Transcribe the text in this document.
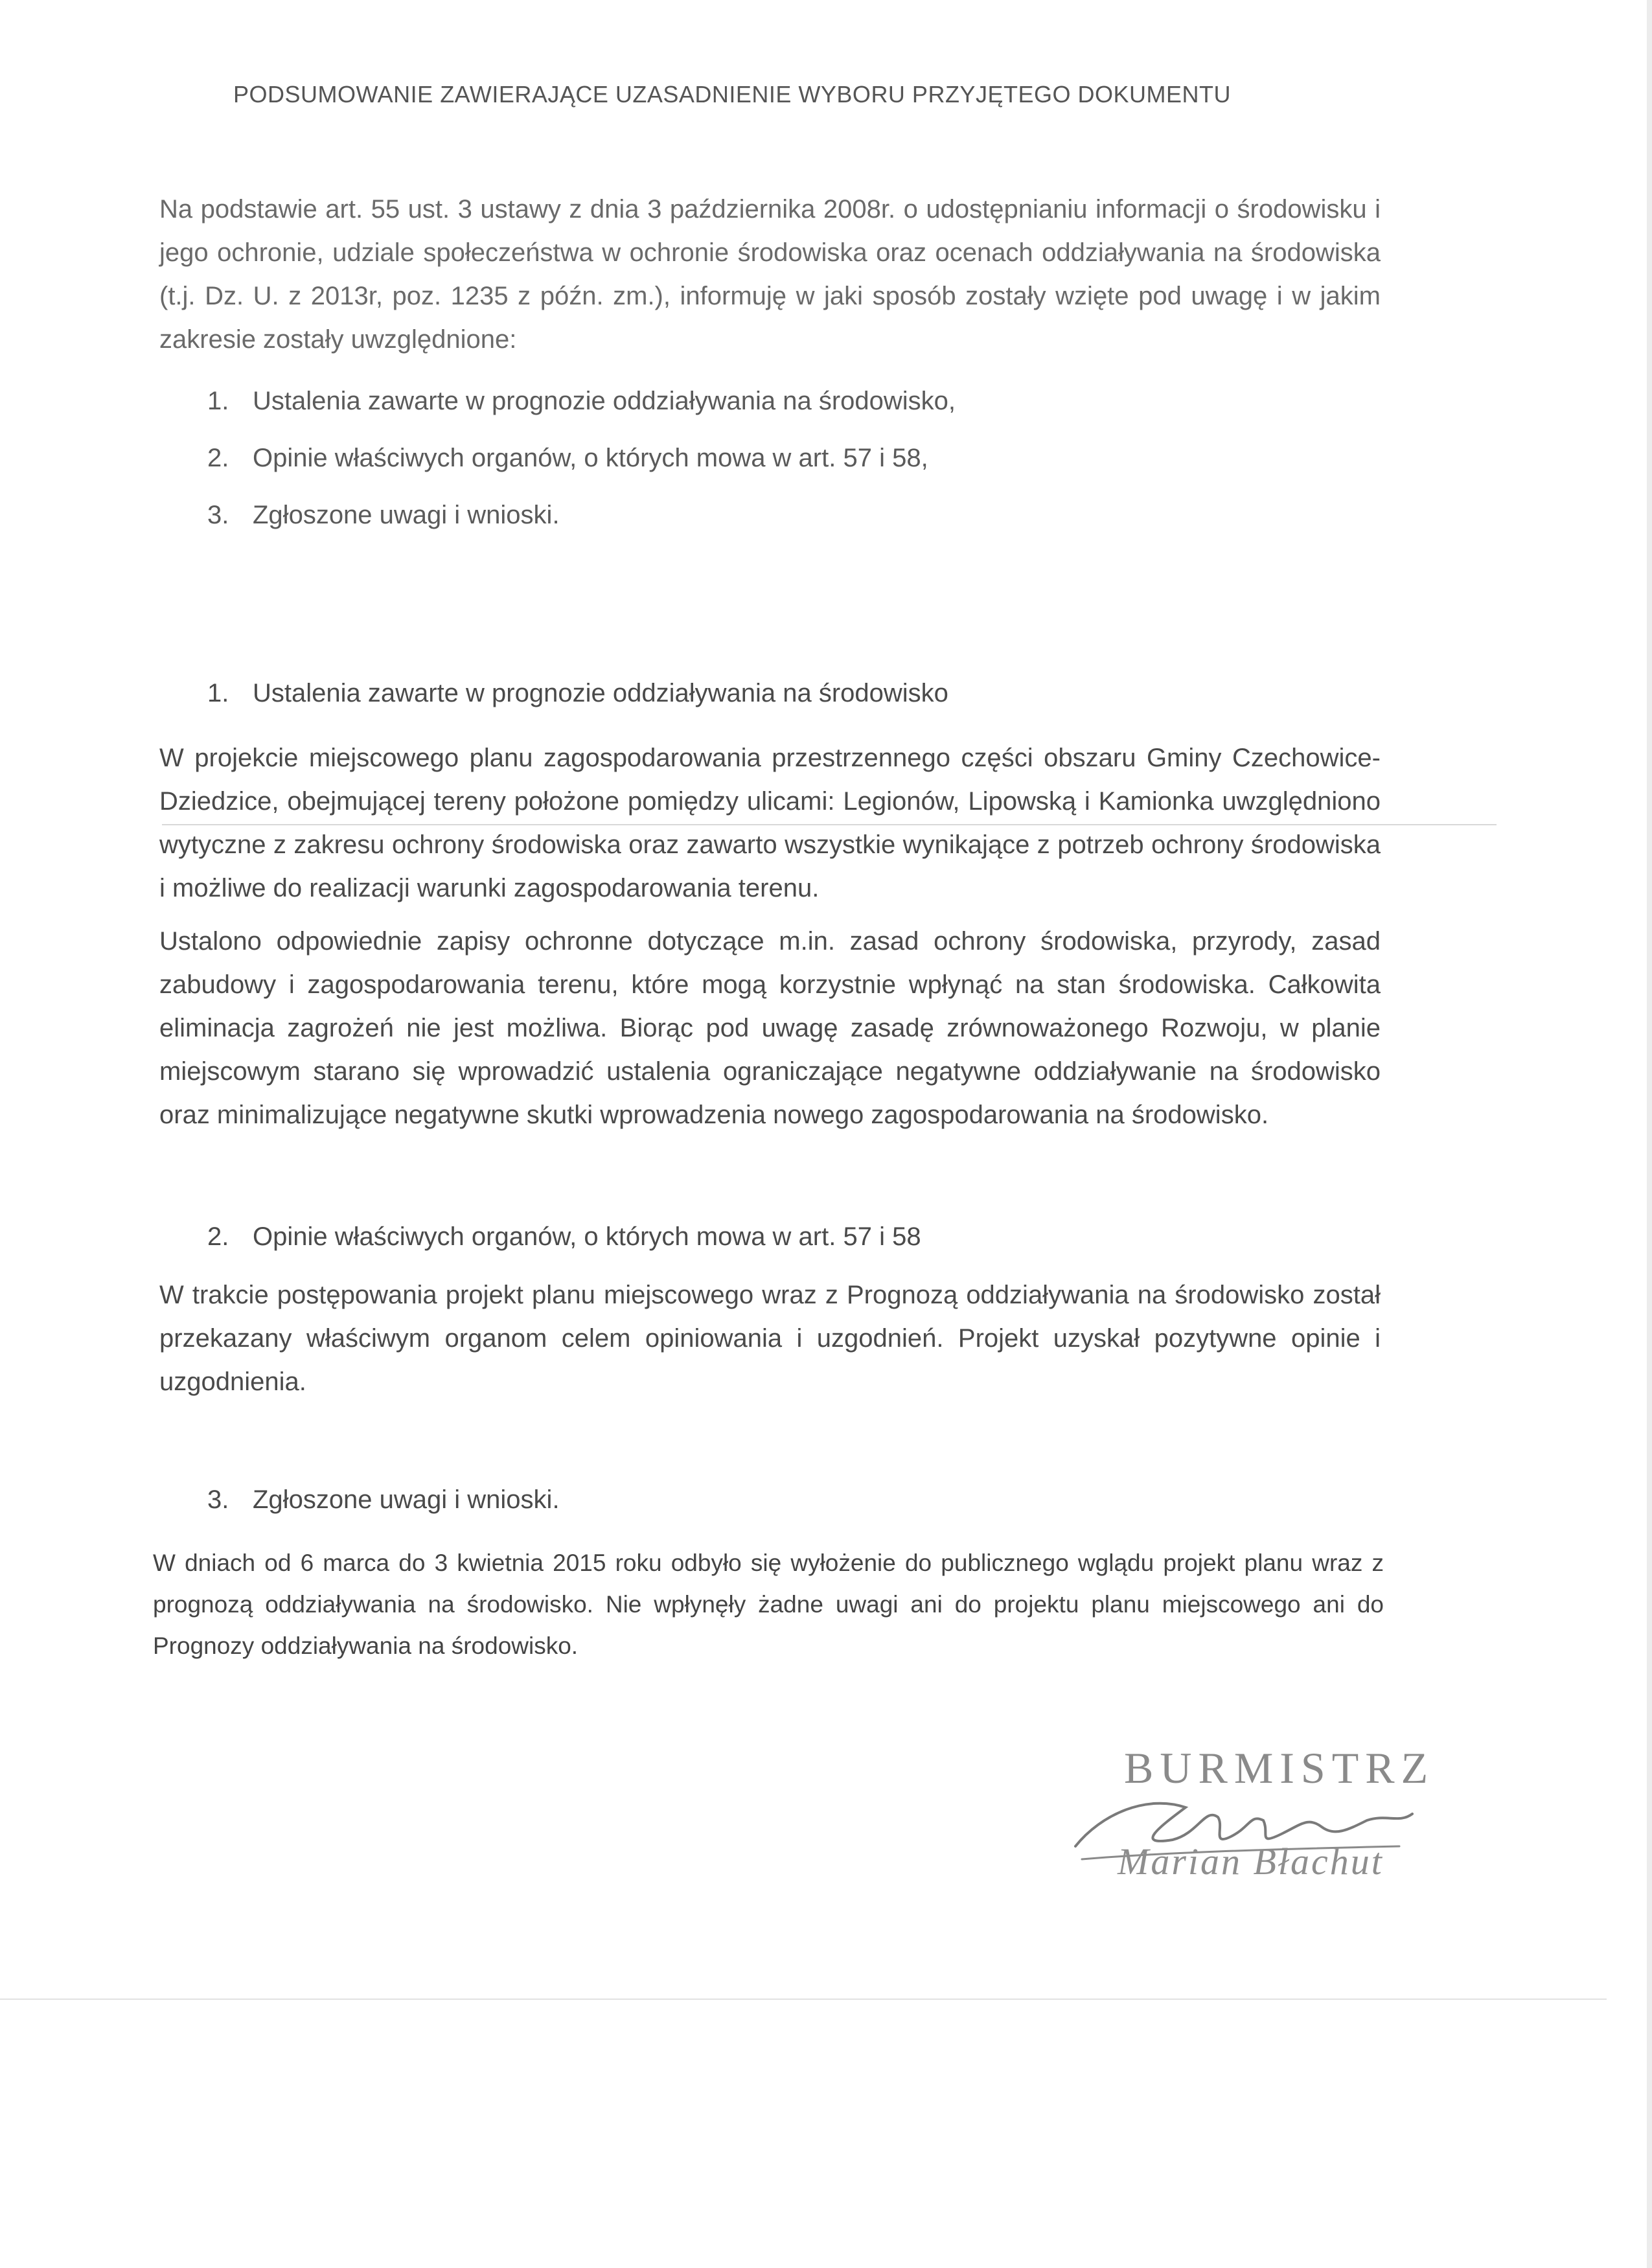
PODSUMOWANIE ZAWIERAJĄCE UZASADNIENIE WYBORU PRZYJĘTEGO DOKUMENTU
Na podstawie art. 55 ust. 3 ustawy z dnia 3 października 2008r. o udostępnianiu informacji o środowisku i jego ochronie, udziale społeczeństwa w ochronie środowiska oraz ocenach oddziaływania na środowiska (t.j. Dz. U. z 2013r, poz. 1235 z późn. zm.), informuję w jaki sposób zostały wzięte pod uwagę i w jakim zakresie zostały uwzględnione:
1. Ustalenia zawarte w prognozie oddziaływania na środowisko,
2. Opinie właściwych organów, o których mowa w art. 57 i 58,
3. Zgłoszone uwagi i wnioski.
1. Ustalenia zawarte w prognozie oddziaływania na środowisko
W projekcie miejscowego planu zagospodarowania przestrzennego części obszaru Gminy Czechowice-Dziedzice, obejmującej tereny położone pomiędzy ulicami: Legionów, Lipowską i Kamionka uwzględniono wytyczne z zakresu ochrony środowiska oraz zawarto wszystkie wynikające z potrzeb ochrony środowiska i możliwe do realizacji warunki zagospodarowania terenu.
Ustalono odpowiednie zapisy ochronne dotyczące m.in. zasad ochrony środowiska, przyrody, zasad zabudowy i zagospodarowania terenu, które mogą korzystnie wpłynąć na stan środowiska. Całkowita eliminacja zagrożeń nie jest możliwa. Biorąc pod uwagę zasadę zrównoważonego Rozwoju, w planie miejscowym starano się wprowadzić ustalenia ograniczające negatywne oddziaływanie na środowisko oraz minimalizujące negatywne skutki wprowadzenia nowego zagospodarowania na środowisko.
2. Opinie właściwych organów, o których mowa w art. 57 i 58
W trakcie postępowania projekt planu miejscowego wraz z Prognozą oddziaływania na środowisko został przekazany właściwym organom celem opiniowania i uzgodnień. Projekt uzyskał pozytywne opinie i uzgodnienia.
3. Zgłoszone uwagi i wnioski.
W dniach od 6 marca do 3 kwietnia 2015 roku odbyło się wyłożenie do publicznego wglądu projekt planu wraz z prognozą oddziaływania na środowisko. Nie wpłynęły żadne uwagi ani do projektu planu miejscowego ani do Prognozy oddziaływania na środowisko.
BURMISTRZ
Marian Błachut
